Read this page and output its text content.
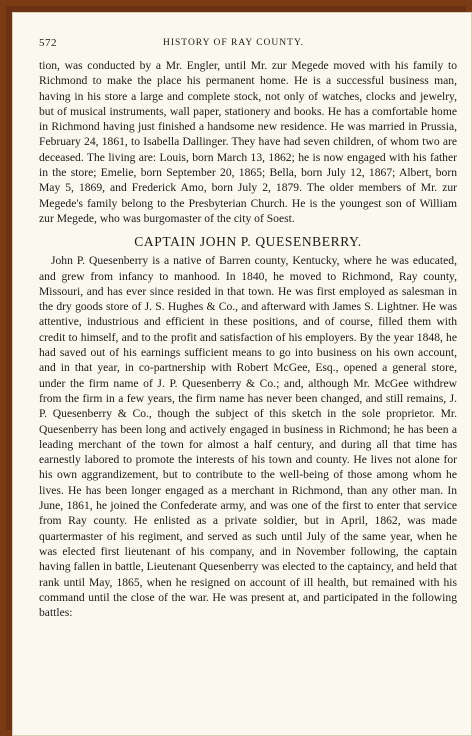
572	HISTORY OF RAY COUNTY.

tion, was conducted by a Mr. Engler, until Mr. zur Megede moved with his family to Richmond to make the place his permanent home. He is a successful business man, having in his store a large and complete stock, not only of watches, clocks and jewelry, but of musical instruments, wall paper, stationery and books. He has a comfortable home in Richmond having just finished a handsome new residence. He was married in Prussia, February 24, 1861, to Isabella Dallinger. They have had seven children, of whom two are deceased. The living are: Louis, born March 13, 1862; he is now engaged with his father in the store; Emelie, born September 20, 1865; Bella, born July 12, 1867; Albert, born May 5, 1869, and Frederick Amo, born July 2, 1879. The older members of Mr. zur Megede's family belong to the Presbyterian Church. He is the youngest son of William zur Megede, who was burgomaster of the city of Soest.

CAPTAIN JOHN P. QUESENBERRY.

John P. Quesenberry is a native of Barren county, Kentucky, where he was educated, and grew from infancy to manhood. In 1840, he moved to Richmond, Ray county, Missouri, and has ever since resided in that town. He was first employed as salesman in the dry goods store of J. S. Hughes & Co., and afterward with James S. Lightner. He was attentive, industrious and efficient in these positions, and of course, filled them with credit to himself, and to the profit and satisfaction of his employers. By the year 1848, he had saved out of his earnings sufficient means to go into business on his own account, and in that year, in co-partnership with Robert McGee, Esq., opened a general store, under the firm name of J. P. Quesenberry & Co.; and, although Mr. McGee withdrew from the firm in a few years, the firm name has never been changed, and still remains, J. P. Quesenberry & Co., though the subject of this sketch in the sole proprietor. Mr. Quesenberry has been long and actively engaged in business in Richmond; he has been a leading merchant of the town for almost a half century, and during all that time has earnestly labored to promote the interests of his town and county. He lives not alone for his own aggrandizement, but to contribute to the well-being of those among whom he lives. He has been longer engaged as a merchant in Richmond, than any other man. In June, 1861, he joined the Confederate army, and was one of the first to enter that service from Ray county. He enlisted as a private soldier, but in April, 1862, was made quartermaster of his regiment, and served as such until July of the same year, when he was elected first lieutenant of his company, and in November following, the captain having fallen in battle, Lieutenant Quesenberry was elected to the captaincy, and held that rank until May, 1865, when he resigned on account of ill health, but remained with his command until the close of the war. He was present at, and participated in the following battles:
